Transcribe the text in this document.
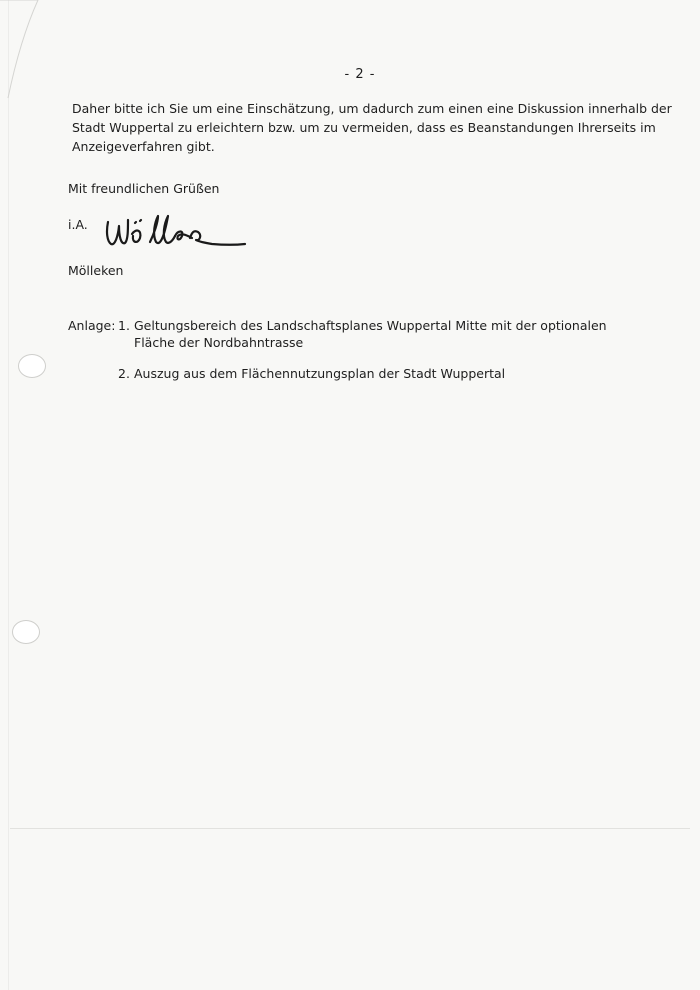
- 2 -
Daher bitte ich Sie um eine Einschätzung, um dadurch zum einen eine Diskussion innerhalb der Stadt Wuppertal zu erleichtern bzw. um zu vermeiden, dass es Beanstandungen Ihrerseits im Anzeigeverfahren gibt.
Mit freundlichen Grüßen
i.A.
Mölleken
Anlage: 1. Geltungsbereich des Landschaftsplanes Wuppertal Mitte mit der optionalen Fläche der Nordbahntrasse
2. Auszug aus dem Flächennutzungsplan der Stadt Wuppertal
